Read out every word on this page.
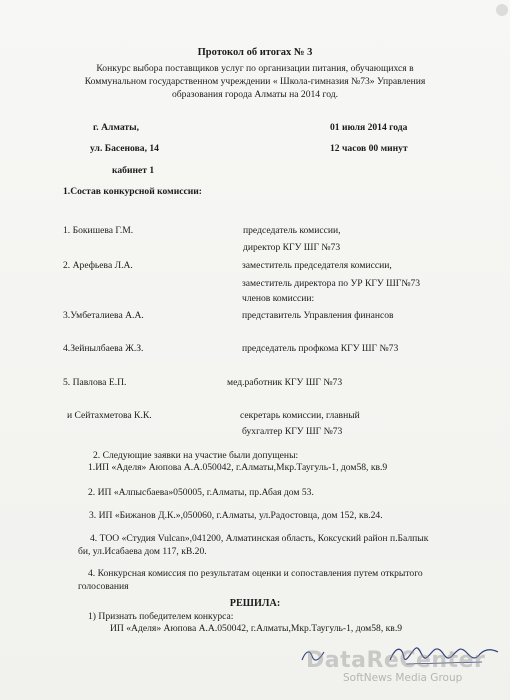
Протокол об итогах № 3
Конкурс выбора поставщиков услуг по организации питания, обучающихся в
Коммунальном государственном учреждении « Школа-гимназия №73» Управления
образования города Алматы на 2014 год.
г. Алматы,	01 июля 2014 года
ул. Басенова, 14	12 часов 00 минут
кабинет 1
1.Состав конкурсной комиссии:
1. Бокишева Г.М.	председатель комиссии,
директор КГУ ШГ №73
2. Арефьева Л.А.	заместитель председателя комиссии,
заместитель директора по УР КГУ ШГ№73
членов комиссии:
3.Умбеталиева А.А.	представитель Управления финансов
4.Зейнылбаева Ж.З.	председатель профкома КГУ ШГ №73
5. Павлова Е.П.	мед.работник КГУ ШГ №73
и Сейтахметова К.К.	секретарь комиссии, главный
бухгалтер КГУ ШГ №73
2. Следующие заявки на участие были допущены:
1.ИП «Аделя» Аюпова А.А.050042, г.Алматы,Мкр.Таугуль-1, дом58, кв.9
2. ИП «Алпысбаева»050005, г.Алматы, пр.Абая дом 53.
3. ИП «Бижанов Д.К.»,050060, г.Алматы, ул.Радостовца, дом 152, кв.24.
4. ТОО «Студия Vulcan»,041200, Алматинская область, Коксуский район п.Балпык
би, ул.Исабаева дом 117, кВ.20.
4. Конкурсная комиссия по результатам оценки и сопоставления путем открытого
голосования
РЕШИЛА:
1) Признать победителем конкурса:
ИП «Аделя» Аюпова А.А.050042, г.Алматы,Мкр.Таугуль-1, дом58, кв.9
DataReCenter
SoftNews Media Group
